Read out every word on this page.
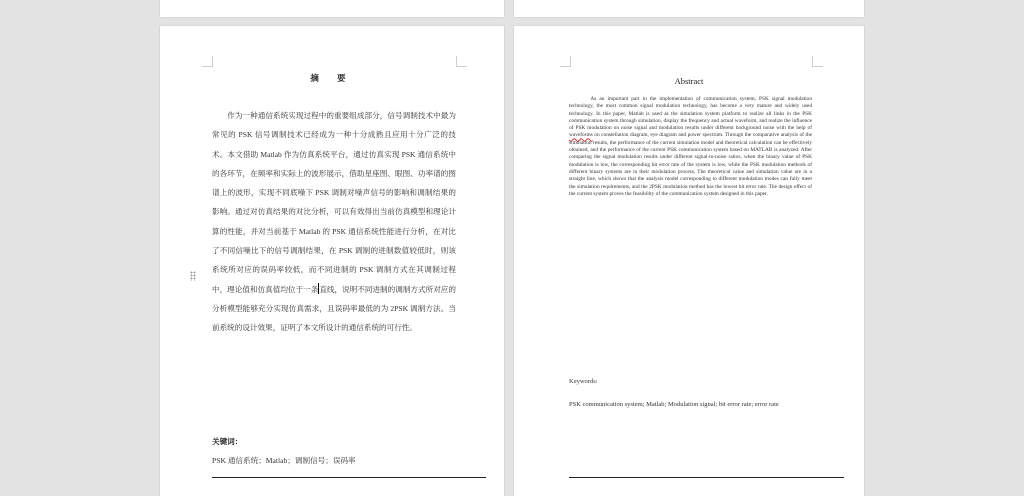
摘 要

作为一种通信系统实现过程中的重要组成部分，信号调制技术中最为常见的 PSK 信号调制技术已经成为一种十分成熟且应用十分广泛的技术。本文借助 Matlab 作为仿真系统平台，通过仿真实现 PSK 通信系统中的各环节，在频率和实际上的波形展示，借助星座图、眼图、功率谱的图谱上的波形，实现不同底噪下 PSK 调制对噪声信号的影响和调制结果的影响。通过对仿真结果的对比分析，可以有效得出当前仿真模型和理论计算的性能，并对当前基于 Matlab 的 PSK 通信系统性能进行分析，在对比了不同信噪比下的信号调制结果，在 PSK 调制的进制数值较低时，则该系统所对应的误码率较低，而不同进制的 PSK 调制方式在其调制过程中，理论值和仿真值均位于一条直线，说明不同进制的调制方式所对应的分析模型能够充分实现仿真需求，且误码率最低的为 2PSK 调制方法。当前系统的设计效果，证明了本文所设计的通信系统的可行性。

关键词：
PSK 通信系统；Matlab；调制信号；误码率
Abstract

As an important part in the implementation of communication system, PSK signal modulation technology, the most common signal modulation technology, has become a very mature and widely used technology. In this paper, Matlab is used as the simulation system platform to realize all links in the PSK communication system through simulation, display the frequency and actual waveform, and realize the influence of PSK modulation on noise signal and modulation results under different background noise with the help of waveforms on constellation diagram, eye diagram and power spectrum. Through the comparative analysis of the simulation results, the performance of the current simulation model and theoretical calculation can be effectively obtained, and the performance of the current PSK communication system based on MATLAB is analyzed. After comparing the signal modulation results under different signal-to-noise ratios, when the binary value of PSK modulation is low, the corresponding bit error rate of the system is low, while the PSK modulation methods of different binary systems are in their modulation process, The theoretical value and simulation value are in a straight line, which shows that the analysis model corresponding to different modulation modes can fully meet the simulation requirements, and the 2PSK modulation method has the lowest bit error rate. The design effect of the current system proves the feasibility of the communication system designed in this paper.

Keywords:
PSK communication system; Matlab; Modulation signal; bit error rate; error rate
